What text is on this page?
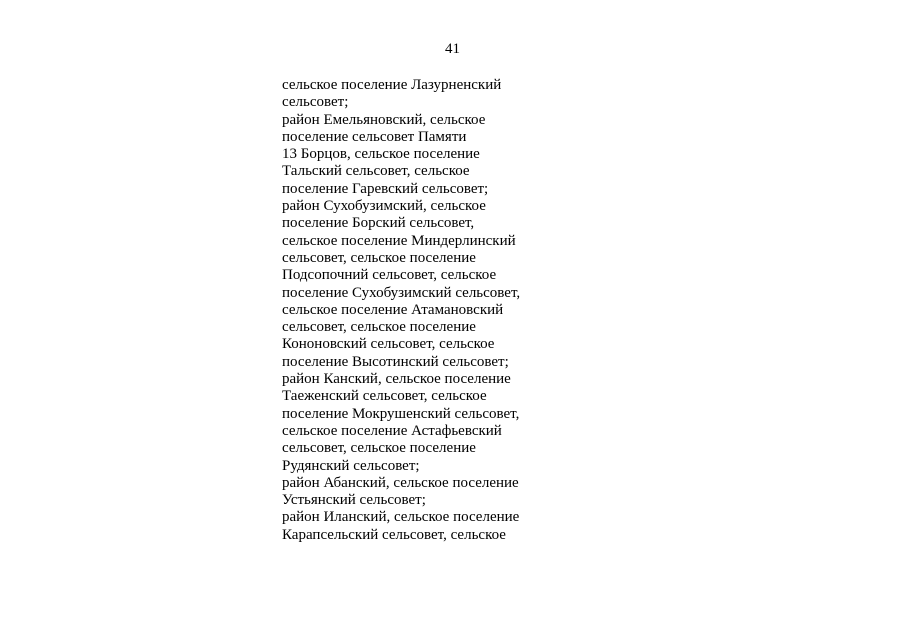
41
сельское поселение Лазурненский
сельсовет;
район Емельяновский, сельское
поселение сельсовет Памяти
13 Борцов, сельское поселение
Тальский сельсовет, сельское
поселение Гаревский сельсовет;
район Сухобузимский, сельское
поселение Борский сельсовет,
сельское поселение Миндерлинский
сельсовет, сельское поселение
Подсопочний сельсовет, сельское
поселение Сухобузимский сельсовет,
сельское поселение Атамановский
сельсовет, сельское поселение
Кононовский сельсовет, сельское
поселение Высотинский сельсовет;
район Канский, сельское поселение
Таеженский сельсовет, сельское
поселение Мокрушенский сельсовет,
сельское поселение Астафьевский
сельсовет, сельское поселение
Рудянский сельсовет;
район Абанский, сельское поселение
Устьянский сельсовет;
район Иланский, сельское поселение
Карапсельский сельсовет, сельское
